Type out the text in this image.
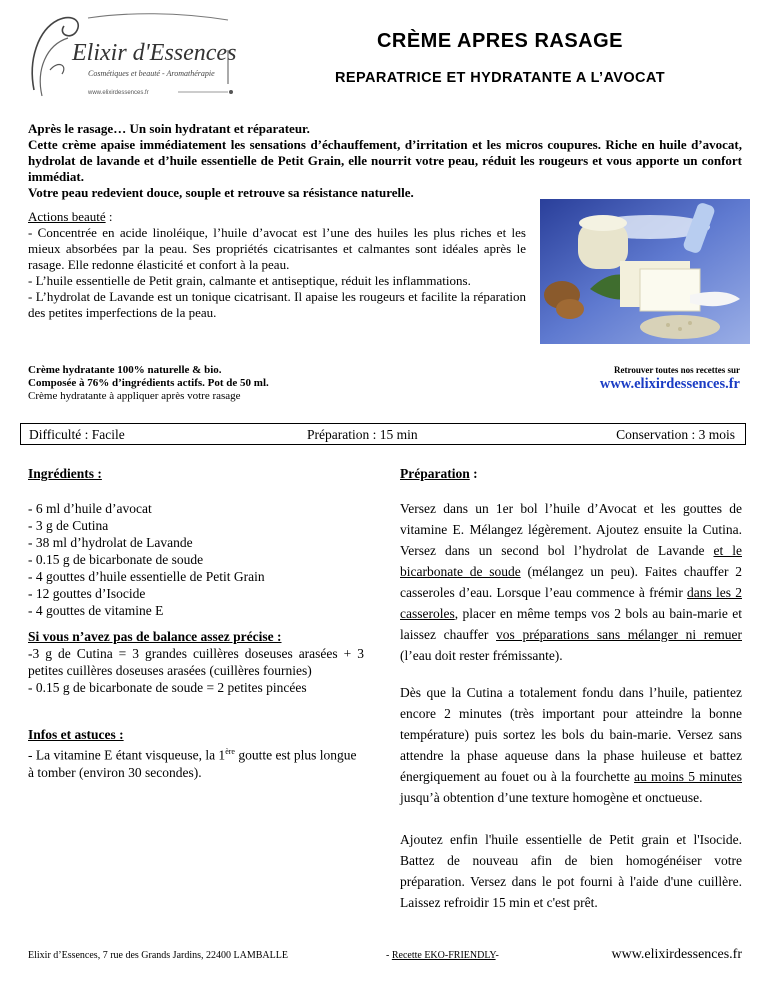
Elixir d'Essences
Cosmétiques et beauté - Aromathérapie
www.elixirdessences.fr
CRÈME APRES RASAGE
REPARATRICE ET HYDRATANTE A L’AVOCAT

Après le rasage… Un soin hydratant et réparateur.

Cette crème apaise immédiatement les sensations d’échauffement, d’irritation et les micros coupures. Riche en huile d’avocat, hydrolat de lavande et d’huile essentielle de Petit Grain, elle nourrit votre peau, réduit les rougeurs et vous apporte un confort immédiat.

Votre peau redevient douce, souple et retrouve sa résistance naturelle.

Actions beauté :

- Concentrée en acide linoléique, l’huile d’avocat est l’une des huiles les plus riches et les mieux absorbées par la peau. Ses propriétés cicatrisantes et calmantes sont idéales après le rasage. Elle redonne élasticité et confort à la peau.

- L’huile essentielle de Petit grain, calmante et antiseptique, réduit les inflammations.

- L’hydrolat de Lavande est un tonique cicatrisant. Il apaise les rougeurs et facilite la réparation des petites imperfections de la peau.

Crème hydratante 100% naturelle & bio.

Composée à 76% d’ingrédients actifs. Pot de 50 ml.

Crème hydratante à appliquer après votre rasage

Retrouver toutes nos recettes sur
www.elixirdessences.fr
Difficulté : Facile	Préparation : 15 min	Conservation : 3 mois
Ingrédients :	Préparation :
- 6 ml d’huile d’avocat
- 3 g de Cutina
- 38 ml d’hydrolat de Lavande
- 0.15 g de bicarbonate de soude
- 4 gouttes d’huile essentielle de Petit Grain
- 12 gouttes d’Isocide
- 4 gouttes de vitamine E

Si vous n’avez pas de balance assez précise :

-3 g de Cutina = 3 grandes cuillères doseuses arasées + 3 petites cuillères doseuses arasées (cuillères fournies)

- 0.15 g de bicarbonate de soude = 2 petites pincées

Infos et astuces :

- La vitamine E étant visqueuse, la 1ère goutte est plus longue à tomber (environ 30 secondes).

Versez dans un 1er bol l’huile d’Avocat et les gouttes de vitamine E. Mélangez légèrement. Ajoutez ensuite la Cutina. Versez dans un second bol l’hydrolat de Lavande et le bicarbonate de soude (mélangez un peu). Faites chauffer 2 casseroles d’eau. Lorsque l’eau commence à frémir dans les 2 casseroles, placer en même temps vos 2 bols au bain-marie et laissez chauffer vos préparations sans mélanger ni remuer (l’eau doit rester frémissante).

Dès que la Cutina a totalement fondu dans l’huile, patientez encore 2 minutes (très important pour atteindre la bonne température) puis sortez les bols du bain-marie. Versez sans attendre la phase aqueuse dans la phase huileuse et battez énergiquement au fouet ou à la fourchette au moins 5 minutes jusqu’à obtention d’une texture homogène et onctueuse.

Ajoutez enfin l'huile essentielle de Petit grain et l'Isocide. Battez de nouveau afin de bien homogénéiser votre préparation. Versez dans le pot fourni à l'aide d'une cuillère. Laissez refroidir 15 min et c'est prêt.

Elixir d’Essences, 7 rue des Grands Jardins, 22400 LAMBALLE	- Recette EKO-FRIENDLY-	www.elixirdessences.fr
